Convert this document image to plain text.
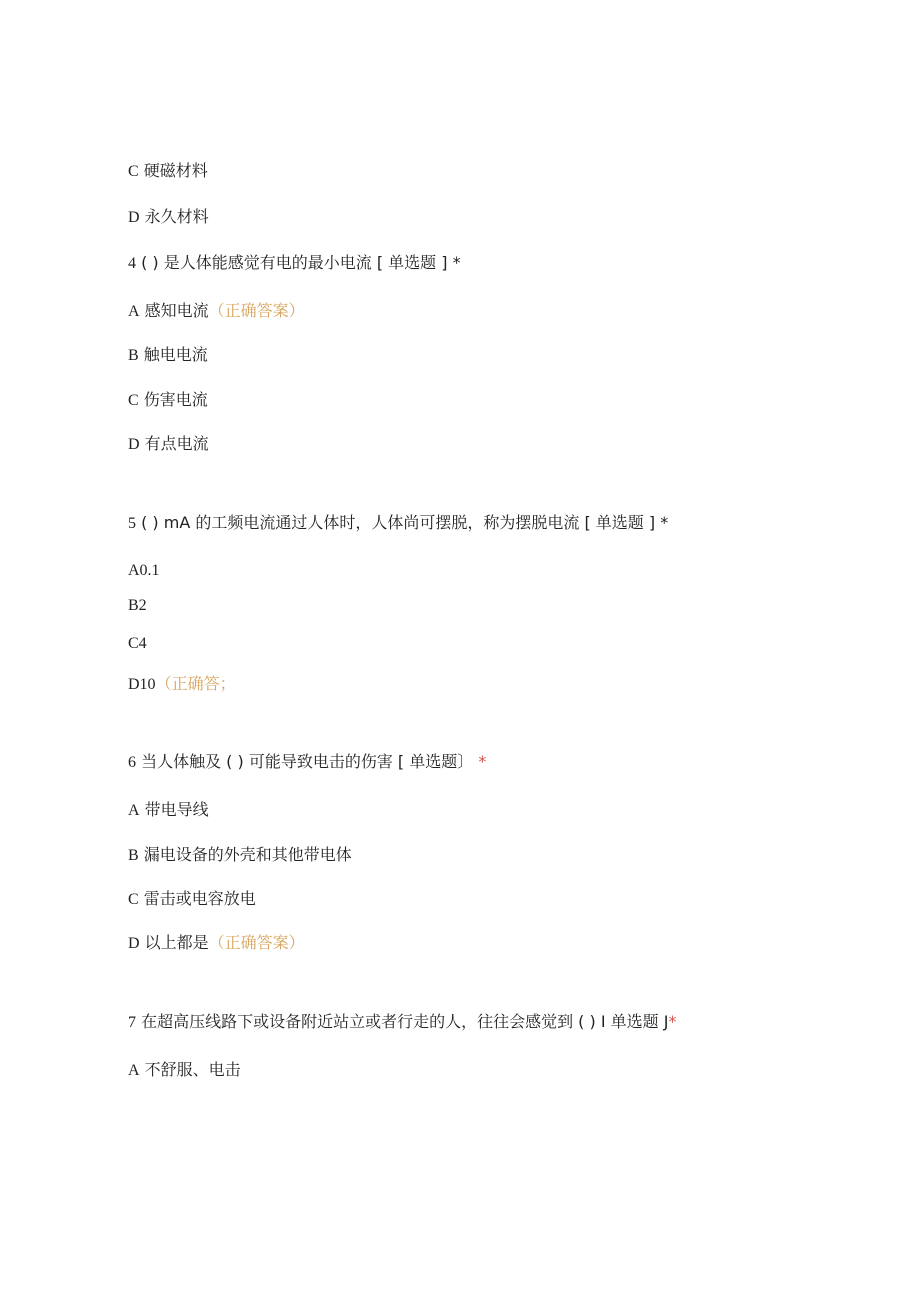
C 硬磁材料
D 永久材料
4 ( ) 是人体能感觉有电的最小电流 [ 单选题 ] *
A 感知电流（正确答案）
B 触电电流
C 伤害电流
D 有点电流
5 ( ) mA 的工频电流通过人体时，人体尚可摆脱，称为摆脱电流 [ 单选题 ] *
A0.1
B2
C4
D10（正确答；
6 当人体触及 ( ) 可能导致电击的伤害 [ 单选题〕 *
A 带电导线
B 漏电设备的外壳和其他带电体
C 雷击或电容放电
D 以上都是（正确答案）
7 在超高压线路下或设备附近站立或者行走的人，往往会感觉到 ( ) I 单选题 J*
A 不舒服、电击
